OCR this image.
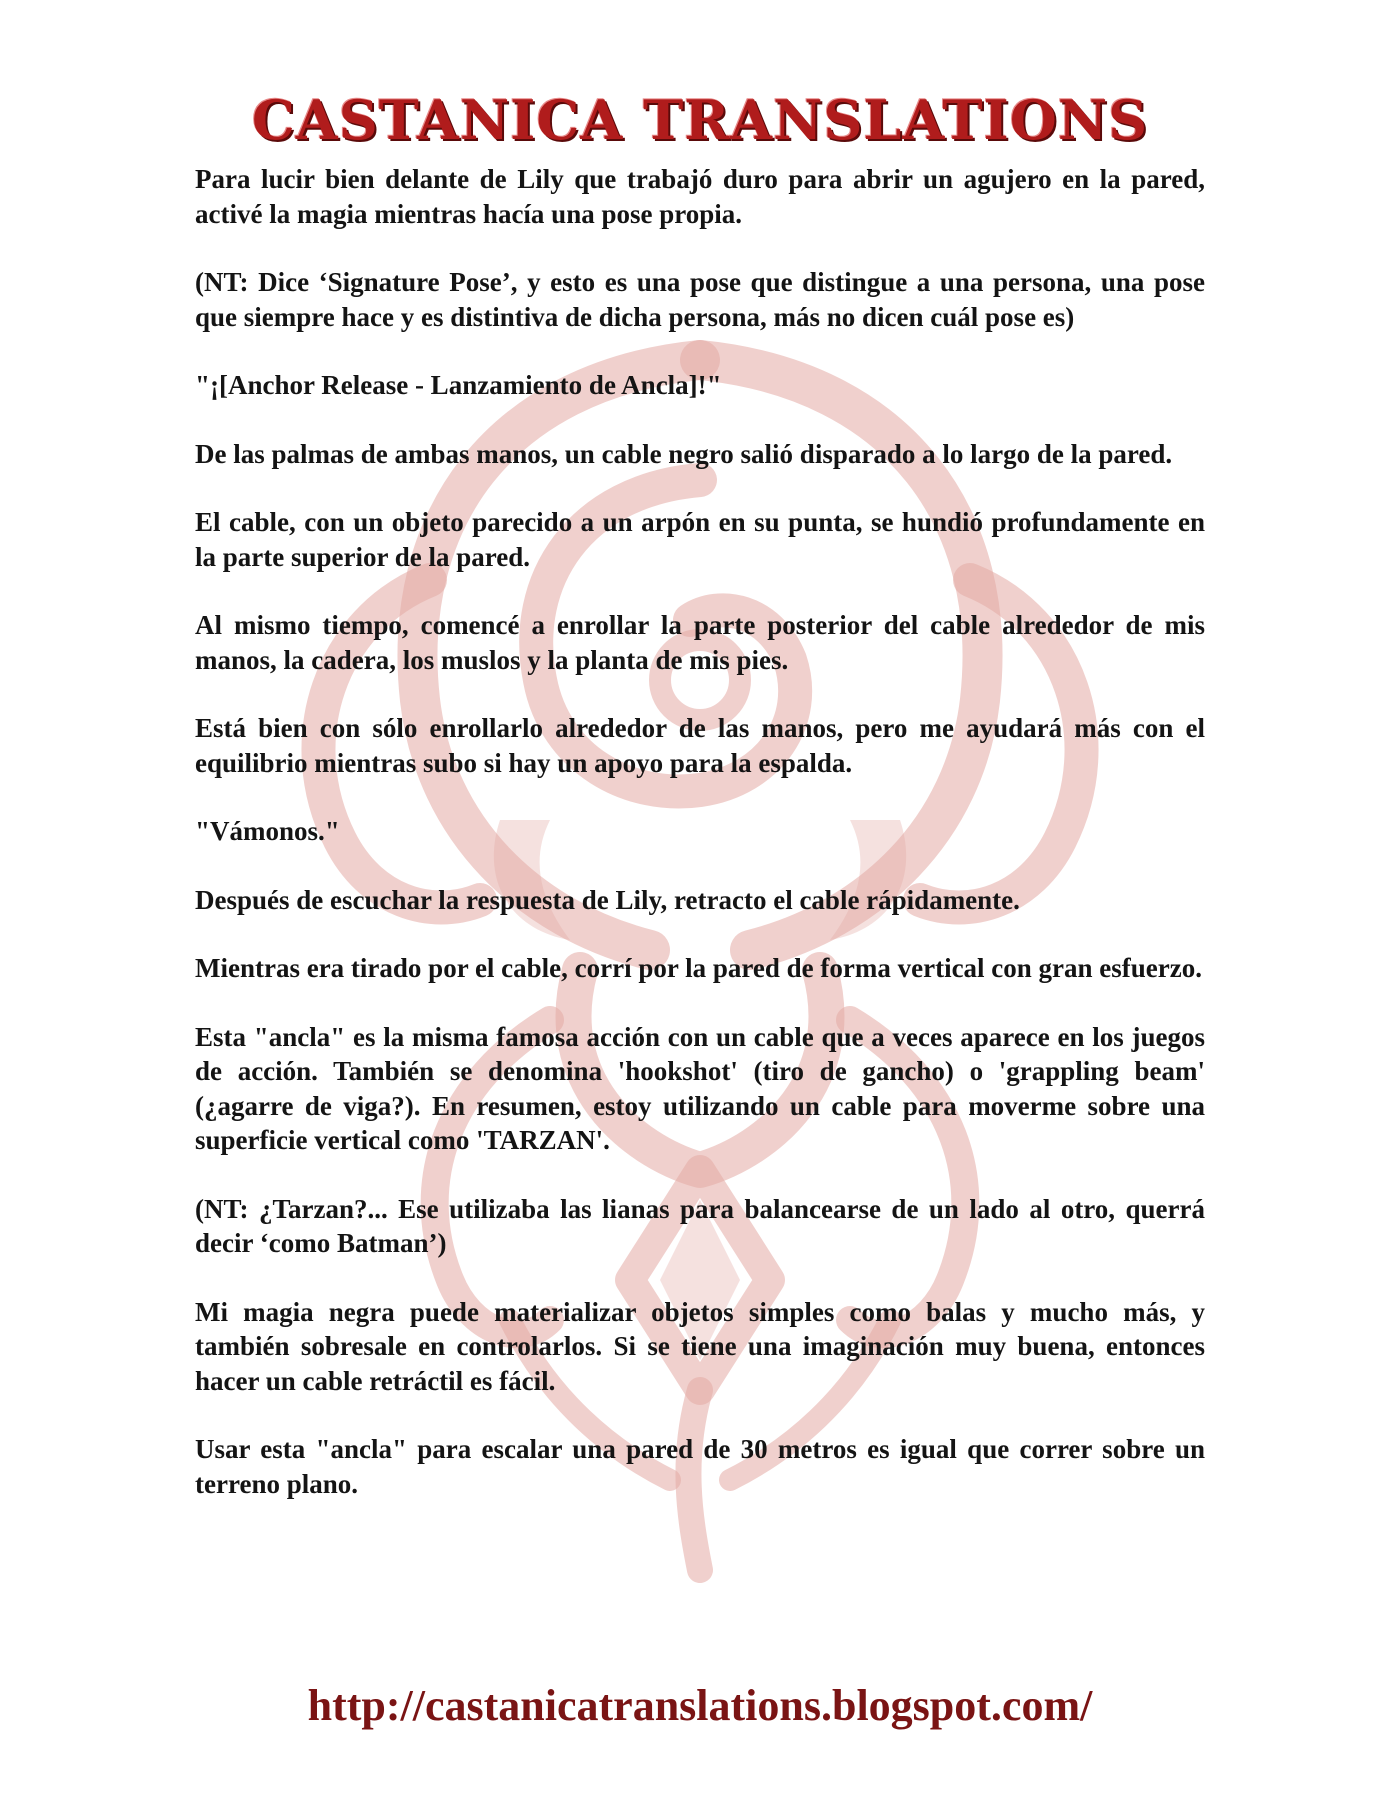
CASTANICA TRANSLATIONS

Para lucir bien delante de Lily que trabajó duro para abrir un agujero en la pared, activé la magia mientras hacía una pose propia.

(NT: Dice ‘Signature Pose’, y esto es una pose que distingue a una persona, una pose que siempre hace y es distintiva de dicha persona, más no dicen cuál pose es)

"¡[Anchor Release - Lanzamiento de Ancla]!"

De las palmas de ambas manos, un cable negro salió disparado a lo largo de la pared.

El cable, con un objeto parecido a un arpón en su punta, se hundió profundamente en la parte superior de la pared.

Al mismo tiempo, comencé a enrollar la parte posterior del cable alrededor de mis manos, la cadera, los muslos y la planta de mis pies.

Está bien con sólo enrollarlo alrededor de las manos, pero me ayudará más con el equilibrio mientras subo si hay un apoyo para la espalda.

"Vámonos."

Después de escuchar la respuesta de Lily, retracto el cable rápidamente.

Mientras era tirado por el cable, corrí por la pared de forma vertical con gran esfuerzo.

Esta "ancla" es la misma famosa acción con un cable que a veces aparece en los juegos de acción. También se denomina 'hookshot' (tiro de gancho) o 'grappling beam' (¿agarre de viga?). En resumen, estoy utilizando un cable para moverme sobre una superficie vertical como 'TARZAN'.

(NT: ¿Tarzan?... Ese utilizaba las lianas para balancearse de un lado al otro, querrá decir ‘como Batman’)

Mi magia negra puede materializar objetos simples como balas y mucho más, y también sobresale en controlarlos. Si se tiene una imaginación muy buena, entonces hacer un cable retráctil es fácil.

Usar esta "ancla" para escalar una pared de 30 metros es igual que correr sobre un terreno plano.

http://castanicatranslations.blogspot.com/
